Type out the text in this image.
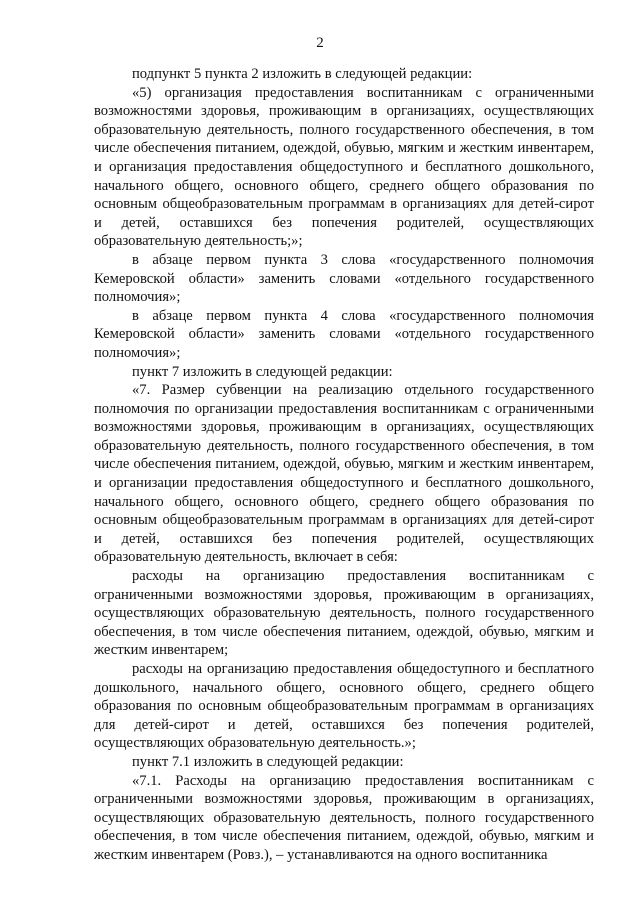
2

подпункт 5 пункта 2 изложить в следующей редакции:

«5) организация предоставления воспитанникам с ограниченными возможностями здоровья, проживающим в организациях, осуществляющих образовательную деятельность, полного государственного обеспечения, в том числе обеспечения питанием, одеждой, обувью, мягким и жестким инвентарем, и организация предоставления общедоступного и бесплатного дошкольного, начального общего, основного общего, среднего общего образования по основным общеобразовательным программам в организациях для детей-сирот и детей, оставшихся без попечения родителей, осуществляющих образовательную деятельность;»;

в абзаце первом пункта 3 слова «государственного полномочия Кемеровской области» заменить словами «отдельного государственного полномочия»;

в абзаце первом пункта 4 слова «государственного полномочия Кемеровской области» заменить словами «отдельного государственного полномочия»;

пункт 7 изложить в следующей редакции:

«7. Размер субвенции на реализацию отдельного государственного полномочия по организации предоставления воспитанникам с ограниченными возможностями здоровья, проживающим в организациях, осуществляющих образовательную деятельность, полного государственного обеспечения, в том числе обеспечения питанием, одеждой, обувью, мягким и жестким инвентарем, и организации предоставления общедоступного и бесплатного дошкольного, начального общего, основного общего, среднего общего образования по основным общеобразовательным программам в организациях для детей-сирот и детей, оставшихся без попечения родителей, осуществляющих образовательную деятельность, включает в себя:

расходы на организацию предоставления воспитанникам с ограниченными возможностями здоровья, проживающим в организациях, осуществляющих образовательную деятельность, полного государственного обеспечения, в том числе обеспечения питанием, одеждой, обувью, мягким и жестким инвентарем;

расходы на организацию предоставления общедоступного и бесплатного дошкольного, начального общего, основного общего, среднего общего образования по основным общеобразовательным программам в организациях для детей-сирот и детей, оставшихся без попечения родителей, осуществляющих образовательную деятельность.»;

пункт 7.1 изложить в следующей редакции:

«7.1. Расходы на организацию предоставления воспитанникам с ограниченными возможностями здоровья, проживающим в организациях, осуществляющих образовательную деятельность, полного государственного обеспечения, в том числе обеспечения питанием, одеждой, обувью, мягким и жестким инвентарем (Ровз.), – устанавливаются на одного воспитанника
